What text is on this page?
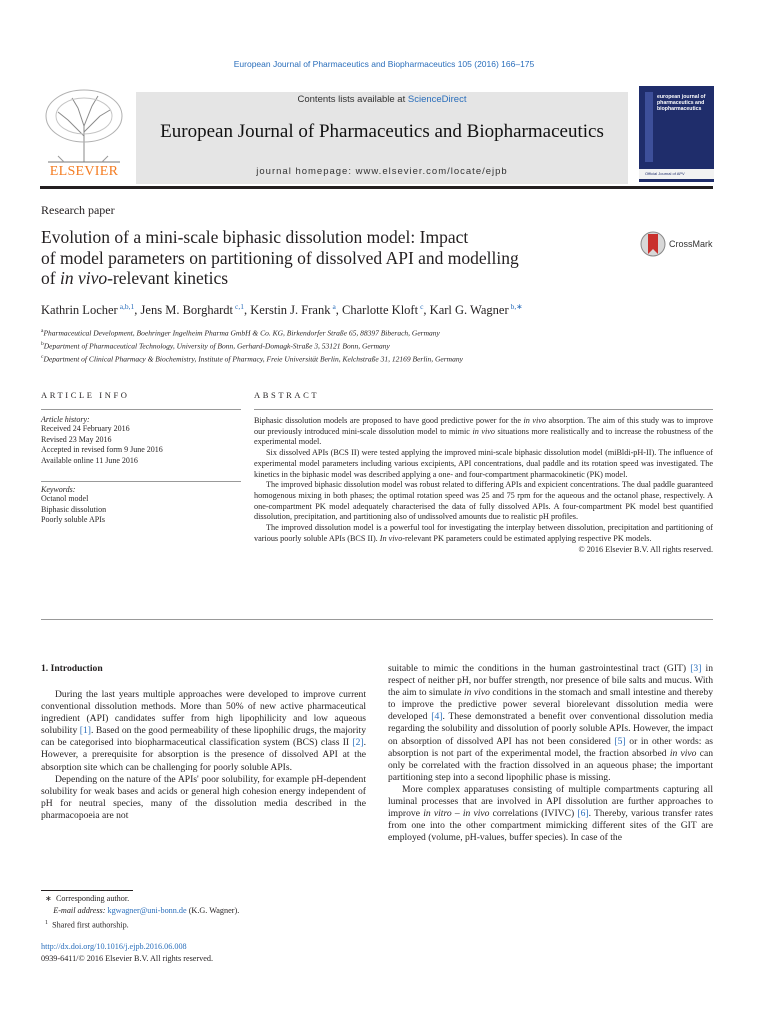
European Journal of Pharmaceutics and Biopharmaceutics 105 (2016) 166–175
ELSEVIER
Contents lists available at ScienceDirect
European Journal of Pharmaceutics and Biopharmaceutics
journal homepage: www.elsevier.com/locate/ejpb
european journal of pharmaceutics and biopharmaceutics
Official Journal of APV
Research paper
Evolution of a mini-scale biphasic dissolution model: Impact
of model parameters on partitioning of dissolved API and modelling
of in vivo-relevant kinetics
CrossMark
Kathrin Locher $^{a,b,1}$, Jens M. Borghardt $^{c,1}$, Kerstin J. Frank $^a$, Charlotte Kloft $^c$, Karl G. Wagner $^{b,∗}$
$^a$Pharmaceutical Development, Boehringer Ingelheim Pharma GmbH & Co. KG, Birkendorfer Straße 65, 88397 Biberach, Germany
$^b$Department of Pharmaceutical Technology, University of Bonn, Gerhard-Domagk-Straße 3, 53121 Bonn, Germany
$^c$Department of Clinical Pharmacy & Biochemistry, Institute of Pharmacy, Freie Universität Berlin, Kelchstraße 31, 12169 Berlin, Germany
ARTICLE INFO
Article history:
Received 24 February 2016
Revised 23 May 2016
Accepted in revised form 9 June 2016
Available online 11 June 2016
Keywords:
Octanol model
Biphasic dissolution
Poorly soluble APIs
ABSTRACT

Biphasic dissolution models are proposed to have good predictive power for the in vivo absorption. The aim of this study was to improve our previously introduced mini-scale dissolution model to mimic in vivo situations more realistically and to increase the robustness of the experimental model.

Six dissolved APIs (BCS II) were tested applying the improved mini-scale biphasic dissolution model (miBldi-pH-II). The influence of experimental model parameters including various excipients, API concentrations, dual paddle and its rotation speed was investigated. The kinetics in the biphasic model was described applying a one- and four-compartment pharmacokinetic (PK) model.

The improved biphasic dissolution model was robust related to differing APIs and expicient concentrations. The dual paddle guaranteed homogenous mixing in both phases; the optimal rotation speed was 25 and 75 rpm for the aqueous and the octanol phase, respectively. A one-compartment PK model adequately characterised the data of fully dissolved APIs. A four-compartment PK model best quantified dissolution, precipitation, and partitioning also of undissolved amounts due to realistic pH profiles.

The improved dissolution model is a powerful tool for investigating the interplay between dissolution, precipitation and partitioning of various poorly soluble APIs (BCS II). In vivo-relevant PK parameters could be estimated applying respective PK models.

© 2016 Elsevier B.V. All rights reserved.

1. Introduction

During the last years multiple approaches were developed to improve current conventional dissolution methods. More than 50% of new active pharmaceutical ingredient (API) candidates suffer from high lipophilicity and low aqueous solubility [1]. Based on the good permeability of these lipophilic drugs, the majority can be categorised into biopharmaceutical classification system (BCS) class II [2]. However, a prerequisite for absorption is the presence of dissolved API at the absorption site which can be challenging for poorly soluble APIs.

Depending on the nature of the APIs' poor solubility, for example pH-dependent solubility for weak bases and acids or general high cohesion energy independent of pH for neutral species, many of the dissolution media described in the pharmacopoeia are not

suitable to mimic the conditions in the human gastrointestinal tract (GIT) [3] in respect of neither pH, nor buffer strength, nor presence of bile salts and mucus. With the aim to simulate in vivo conditions in the stomach and small intestine and thereby to improve the predictive power several biorelevant dissolution media were developed [4]. These demonstrated a benefit over conventional dissolution media regarding the solubility and dissolution of poorly soluble APIs. However, the impact on absorption of dissolved API has not been considered [5] or in other words: as absorption is not part of the experimental model, the fraction absorbed in vivo can only be correlated with the fraction dissolved in an aqueous phase; the important partitioning step into a second lipophilic phase is missing.

More complex apparatuses consisting of multiple compartments capturing all luminal processes that are involved in API dissolution are further approaches to improve in vitro – in vivo correlations (IVIVC) [6]. Thereby, various transfer rates from one into the other compartment mimicking different sites of the GIT are employed (volume, pH-values, buffer species). In case of the

∗  Corresponding author.
E-mail address: kgwagner@uni-bonn.de (K.G. Wagner).
$^1$ Shared first authorship.
http://dx.doi.org/10.1016/j.ejpb.2016.06.008
0939-6411/© 2016 Elsevier B.V. All rights reserved.
